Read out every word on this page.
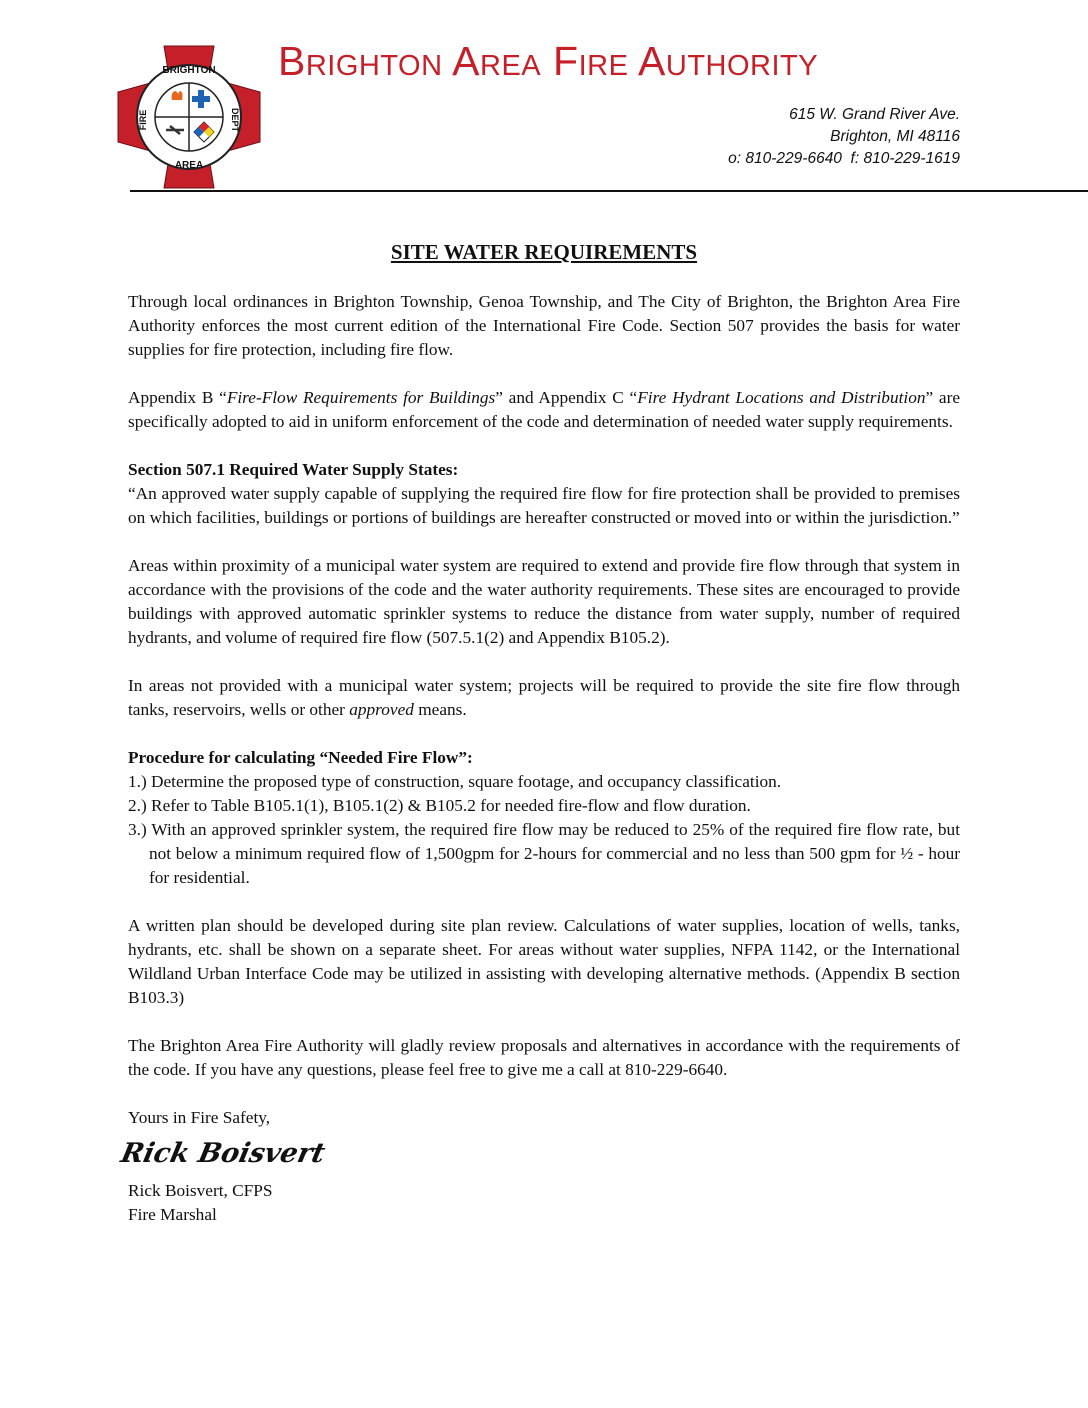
BRIGHTON
FIRE	DEPT
AREA
Brighton Area Fire Authority
615 W. Grand River Ave.
Brighton, MI 48116
o: 810-229-6640  f: 810-229-1619
SITE WATER REQUIREMENTS

Through local ordinances in Brighton Township, Genoa Township, and The City of Brighton, the Brighton Area Fire Authority enforces the most current edition of the International Fire Code. Section 507 provides the basis for water supplies for fire protection, including fire flow.

Appendix B “Fire-Flow Requirements for Buildings” and Appendix C “Fire Hydrant Locations and Distribution” are specifically adopted to aid in uniform enforcement of the code and determination of needed water supply requirements.

Section 507.1 Required Water Supply States:
“An approved water supply capable of supplying the required fire flow for fire protection shall be provided to premises on which facilities, buildings or portions of buildings are hereafter constructed or moved into or within the jurisdiction.”

Areas within proximity of a municipal water system are required to extend and provide fire flow through that system in accordance with the provisions of the code and the water authority requirements. These sites are encouraged to provide buildings with approved automatic sprinkler systems to reduce the distance from water supply, number of required hydrants, and volume of required fire flow (507.5.1(2) and Appendix B105.2).

In areas not provided with a municipal water system; projects will be required to provide the site fire flow through tanks, reservoirs, wells or other approved means.

Procedure for calculating “Needed Fire Flow”:
1.) Determine the proposed type of construction, square footage, and occupancy classification.
2.) Refer to Table B105.1(1), B105.1(2) & B105.2 for needed fire-flow and flow duration.
3.) With an approved sprinkler system, the required fire flow may be reduced to 25% of the required fire flow rate, but not below a minimum required flow of 1,500gpm for 2-hours for commercial and no less than 500 gpm for ½ - hour for residential.

A written plan should be developed during site plan review. Calculations of water supplies, location of wells, tanks, hydrants, etc. shall be shown on a separate sheet. For areas without water supplies, NFPA 1142, or the International Wildland Urban Interface Code may be utilized in assisting with developing alternative methods. (Appendix B section B103.3)

The Brighton Area Fire Authority will gladly review proposals and alternatives in accordance with the requirements of the code. If you have any questions, please feel free to give me a call at 810-229-6640.

Yours in Fire Safety,

Rick Boisvert
Rick Boisvert, CFPS
Fire Marshal
